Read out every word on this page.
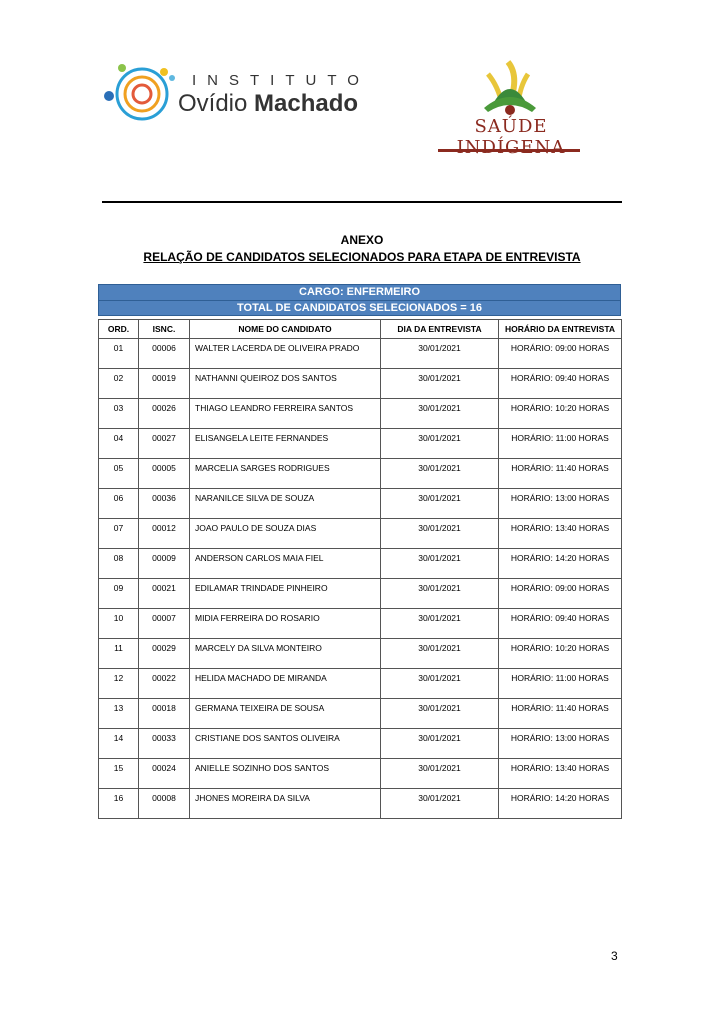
INSTITUTO
Ovídio Machado
SAÚDE INDÍGENA
ANEXO
RELAÇÃO DE CANDIDATOS SELECIONADOS PARA ETAPA DE ENTREVISTA
CARGO: ENFERMEIRO
TOTAL DE CANDIDATOS SELECIONADOS = 16
ORD.	ISNC.	NOME DO CANDIDATO	DIA DA ENTREVISTA	HORÁRIO DA ENTREVISTA
01	00006	WALTER LACERDA DE OLIVEIRA PRADO	30/01/2021	HORÁRIO: 09:00 HORAS
02	00019	NATHANNI QUEIROZ DOS SANTOS	30/01/2021	HORÁRIO: 09:40 HORAS
03	00026	THIAGO LEANDRO FERREIRA SANTOS	30/01/2021	HORÁRIO: 10:20 HORAS
04	00027	ELISANGELA LEITE FERNANDES	30/01/2021	HORÁRIO: 11:00 HORAS
05	00005	MARCELIA SARGES RODRIGUES	30/01/2021	HORÁRIO: 11:40 HORAS
06	00036	NARANILCE SILVA DE SOUZA	30/01/2021	HORÁRIO: 13:00 HORAS
07	00012	JOAO PAULO DE SOUZA DIAS	30/01/2021	HORÁRIO: 13:40 HORAS
08	00009	ANDERSON CARLOS MAIA FIEL	30/01/2021	HORÁRIO: 14:20 HORAS
09	00021	EDILAMAR TRINDADE PINHEIRO	30/01/2021	HORÁRIO: 09:00 HORAS
10	00007	MIDIA FERREIRA DO ROSARIO	30/01/2021	HORÁRIO: 09:40 HORAS
11	00029	MARCELY DA SILVA MONTEIRO	30/01/2021	HORÁRIO: 10:20 HORAS
12	00022	HELIDA MACHADO DE MIRANDA	30/01/2021	HORÁRIO: 11:00 HORAS
13	00018	GERMANA TEIXEIRA DE SOUSA	30/01/2021	HORÁRIO: 11:40 HORAS
14	00033	CRISTIANE DOS SANTOS OLIVEIRA	30/01/2021	HORÁRIO: 13:00 HORAS
15	00024	ANIELLE SOZINHO DOS SANTOS	30/01/2021	HORÁRIO: 13:40 HORAS
16	00008	JHONES MOREIRA DA SILVA	30/01/2021	HORÁRIO: 14:20 HORAS
3
